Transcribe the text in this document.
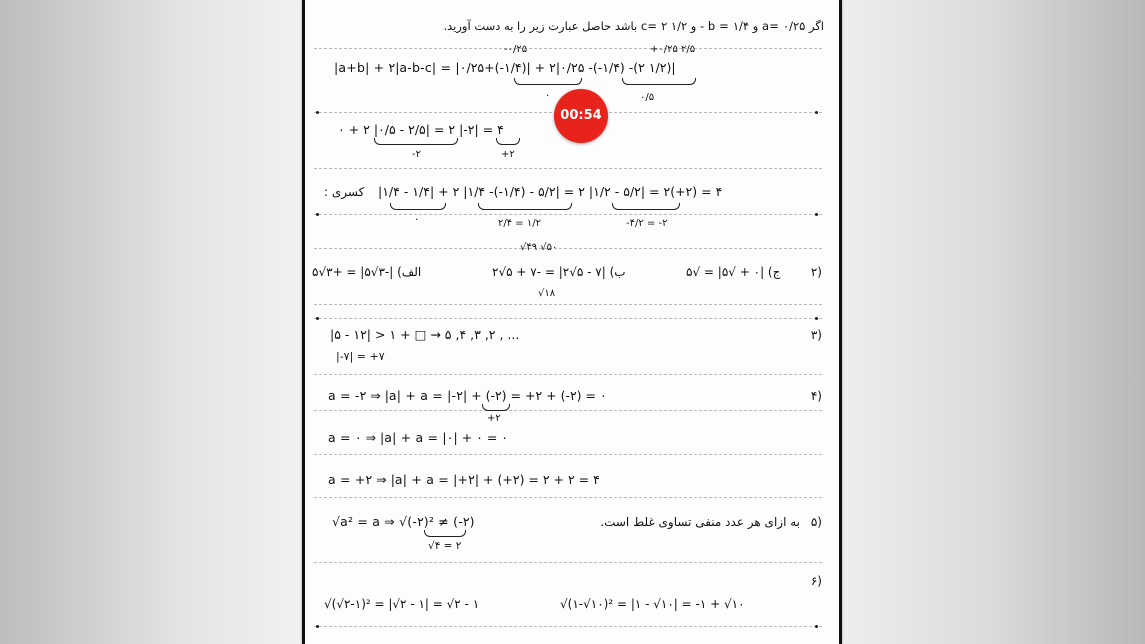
اگر a= ۰/۲۵ و b = ۱/۴ - و c= ۲ ۱/۲ باشد حاصل عبارت زیر را به دست آورید.
-۰/۲۵	+۰/۲۵ ۲/۵
|a+b| + ۲|a-b-c| = |۰/۲۵+(-۱/۴)| + ۲|۰/۲۵ -(-۱/۴) -(۲ ۱/۲)|
۰	۰/۵
۰ + ۲ |۰/۵ - ۲/۵| = ۲ |-۲| = ۴
-۲	+۲
کسری : |۱/۴ - ۱/۴| + ۲ |۱/۴ -(-۱/۴) - ۵/۲| = ۲ |۱/۲ - ۵/۲| = ۲(+۲) = ۴
۰	۲/۴ = ۱/۲	-۴/۲ = -۲
√۴۹ √۵۰
الف) |-۳√۵| = +۳√۵	ب) |۷ - ۵√۲| = -۷ + ۵√۲	ج) |۰ + √۵| = √۵	۲)
√۱۸
|۵ - ۱۲| > ۱ + □ → ۵ ,۴ ,۳ ,۲ , ...	۳)
|-۷| = +۷
a = -۲ ⇒ |a| + a = |-۲| + (-۲) = +۲ + (-۲) = ۰	۴)
+۲
a = ۰ ⇒ |a| + a = |۰| + ۰ = ۰
a = +۲ ⇒ |a| + a = |+۲| + (+۲) = ۲ + ۲ = ۴
√a² = a ⇒ √(-۲)² ≠ (-۲)	به ازای هر عدد منفی تساوی غلط است. ۵)
√۴ = ۲
۶)
√(√۲-۱)² = |√۲ - ۱| = √۲ - ۱	√(۱-√۱۰)² = |۱ - √۱۰| = -۱ + √۱۰
00:54
